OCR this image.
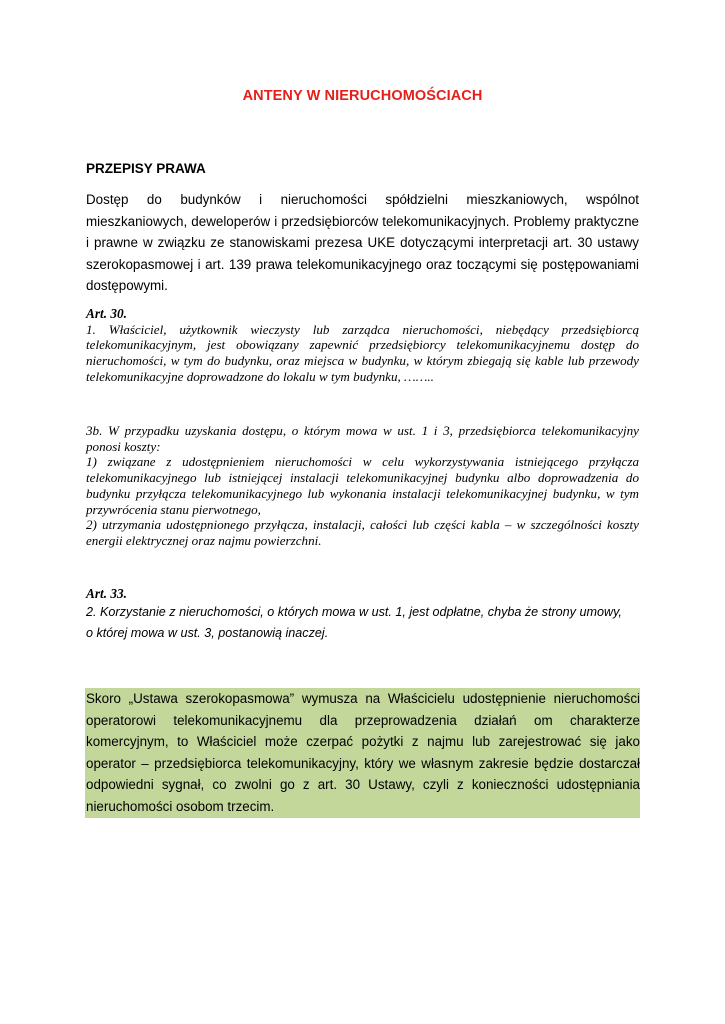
ANTENY W NIERUCHOMOŚCIACH
PRZEPISY PRAWA

Dostęp do budynków i nieruchomości spółdzielni mieszkaniowych, wspólnot mieszkaniowych, deweloperów i przedsiębiorców telekomunikacyjnych. Problemy praktyczne i prawne w związku ze stanowiskami prezesa UKE dotyczącymi interpretacji art. 30 ustawy szerokopasmowej i art. 139 prawa telekomunikacyjnego oraz toczącymi się postępowaniami dostępowymi.

Art. 30.

1. Właściciel, użytkownik wieczysty lub zarządca nieruchomości, niebędący przedsiębiorcą telekomunikacyjnym, jest obowiązany zapewnić przedsiębiorcy telekomunikacyjnemu dostęp do nieruchomości, w tym do budynku, oraz miejsca w budynku, w którym zbiegają się kable lub przewody telekomunikacyjne doprowadzone do lokalu w tym budynku, ……..

3b. W przypadku uzyskania dostępu, o którym mowa w ust. 1 i 3, przedsiębiorca telekomunikacyjny ponosi koszty:

1) związane z udostępnieniem nieruchomości w celu wykorzystywania istniejącego przyłącza telekomunikacyjnego lub istniejącej instalacji telekomunikacyjnej budynku albo doprowadzenia do budynku przyłącza telekomunikacyjnego lub wykonania instalacji telekomunikacyjnej budynku, w tym przywrócenia stanu pierwotnego,

2) utrzymania udostępnionego przyłącza, instalacji, całości lub części kabla – w szczególności koszty energii elektrycznej oraz najmu powierzchni.

Art. 33.

2. Korzystanie z nieruchomości, o których mowa w ust. 1, jest odpłatne, chyba że strony umowy,

o której mowa w ust. 3, postanowią inaczej.

Skoro „Ustawa szerokopasmowa” wymusza na Właścicielu udostępnienie nieruchomości operatorowi telekomunikacyjnemu dla przeprowadzenia działań om charakterze komercyjnym, to Właściciel może czerpać pożytki z najmu lub zarejestrować się jako operator – przedsiębiorca telekomunikacyjny, który we własnym zakresie będzie dostarczał odpowiedni sygnał, co zwolni go z art. 30 Ustawy, czyli z konieczności udostępniania nieruchomości osobom trzecim.
